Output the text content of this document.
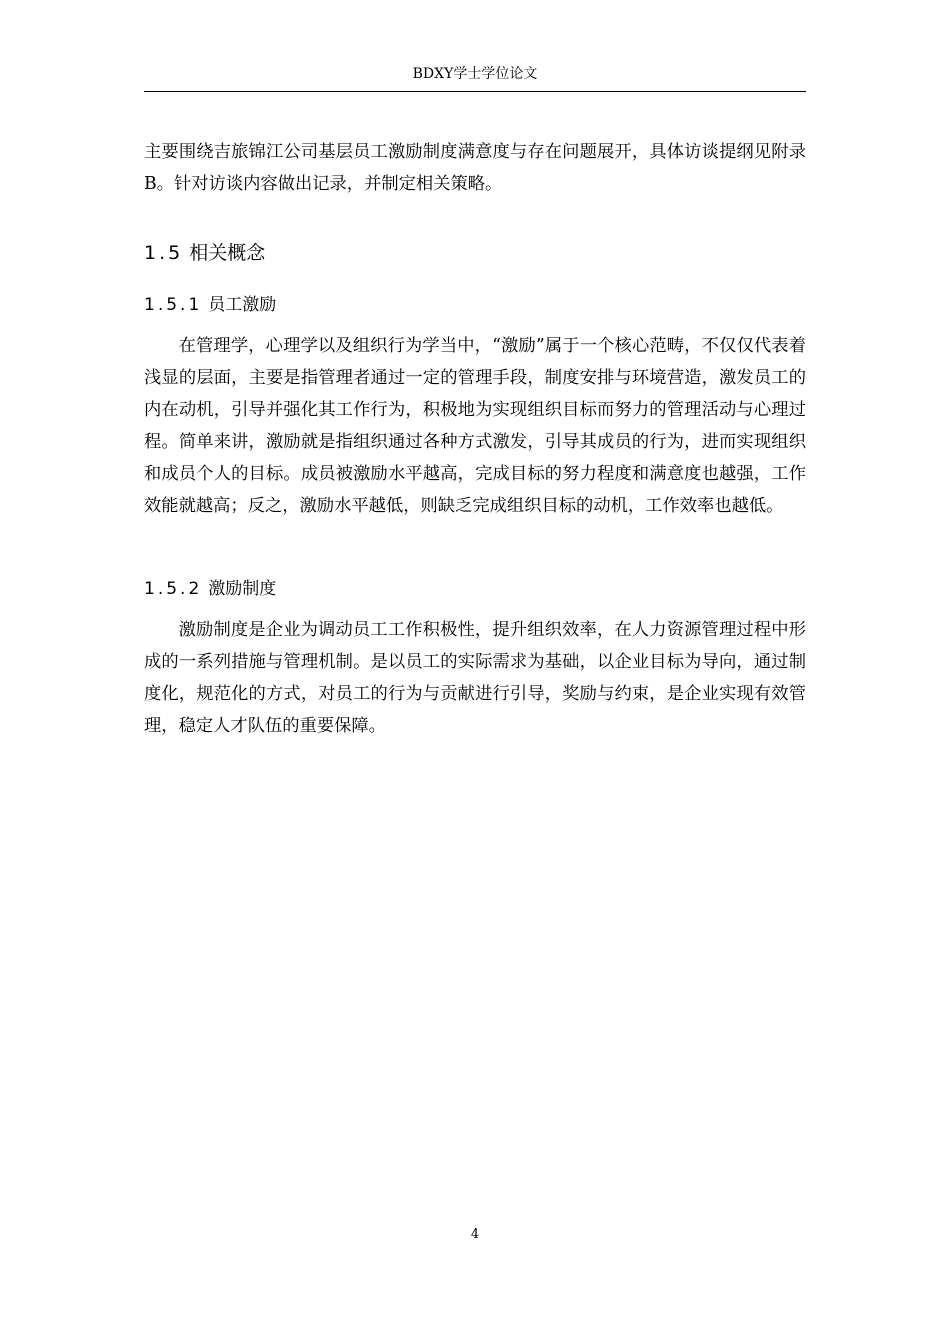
BDXY学士学位论文

主要围绕吉旅锦江公司基层员工激励制度满意度与存在问题展开，具体访谈提纲见附录B。针对访谈内容做出记录，并制定相关策略。

1.5 相关概念
1.5.1 员工激励

在管理学，心理学以及组织行为学当中，“激励”属于一个核心范畴，不仅仅代表着浅显的层面，主要是指管理者通过一定的管理手段，制度安排与环境营造，激发员工的内在动机，引导并强化其工作行为，积极地为实现组织目标而努力的管理活动与心理过程。简单来讲，激励就是指组织通过各种方式激发，引导其成员的行为，进而实现组织和成员个人的目标。成员被激励水平越高，完成目标的努力程度和满意度也越强，工作效能就越高；反之，激励水平越低，则缺乏完成组织目标的动机，工作效率也越低。

1.5.2 激励制度

激励制度是企业为调动员工工作积极性，提升组织效率，在人力资源管理过程中形成的一系列措施与管理机制。是以员工的实际需求为基础，以企业目标为导向，通过制度化，规范化的方式，对员工的行为与贡献进行引导，奖励与约束，是企业实现有效管理，稳定人才队伍的重要保障。

4
